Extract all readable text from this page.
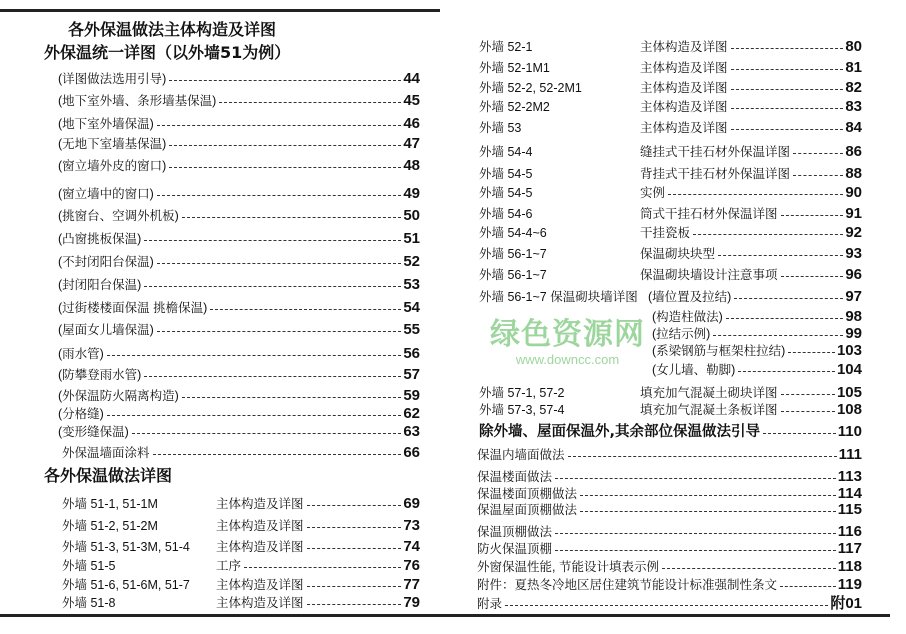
各外保温做法主体构造及详图
外保温统一详图（以外墙51为例）
各外保温做法详图
(详图做法选用引导)	44
(地下室外墙、条形墙基保温)	45
(地下室外墙保温)	46
(无地下室墙基保温)	47
(窗立墙外皮的窗口)	48
(窗立墙中的窗口)	49
(挑窗台、空调外机板)	50
(凸窗挑板保温)	51
(不封闭阳台保温)	52
(封闭阳台保温)	53
(过街楼楼面保温 挑檐保温)	54
(屋面女儿墙保温)	55
(雨水管)	56
(防攀登雨水管)	57
(外保温防火隔离构造)	59
(分格缝)	62
(变形缝保温)	63
外保温墙面涂料	66
外墙 51-1, 51-1M	主体构造及详图	69
外墙 51-2, 51-2M	主体构造及详图	73
外墙 51-3, 51-3M, 51-4	主体构造及详图	74
外墙 51-5	工序	76
外墙 51-6, 51-6M, 51-7	主体构造及详图	77
外墙 51-8	主体构造及详图	79
外墙 52-1	主体构造及详图	80
外墙 52-1M1	主体构造及详图	81
外墙 52-2, 52-2M1	主体构造及详图	82
外墙 52-2M2	主体构造及详图	83
外墙 53	主体构造及详图	84
外墙 54-4	缝挂式干挂石材外保温详图	86
外墙 54-5	背挂式干挂石材外保温详图	88
外墙 54-5	实例	90
外墙 54-6	筒式干挂石材外保温详图	91
外墙 54-4~6	干挂瓷板	92
外墙 56-1~7	保温砌块块型	93
外墙 56-1~7	保温砌块墙设计注意事项	96
外墙 56-1~7 保温砌块墙详图 (墙位置及拉结)	97
(构造柱做法)	98
(拉结示例)	99
(系梁钢筋与框架柱拉结)	103
(女儿墙、勒脚)	104
外墙 57-1, 57-2	填充加气混凝土砌块详图	105
外墙 57-3, 57-4	填充加气混凝土条板详图	108
除外墙、屋面保温外,其余部位保温做法引导	110
保温内墙面做法	111
保温楼面做法	113
保温楼面顶棚做法	114
保温屋面顶棚做法	115
保温顶棚做法	116
防火保温顶棚	117
外窗保温性能, 节能设计填表示例	118
附件：夏热冬冷地区居住建筑节能设计标准强制性条文	119
附录	附01
绿色资源网
www.downcc.com
